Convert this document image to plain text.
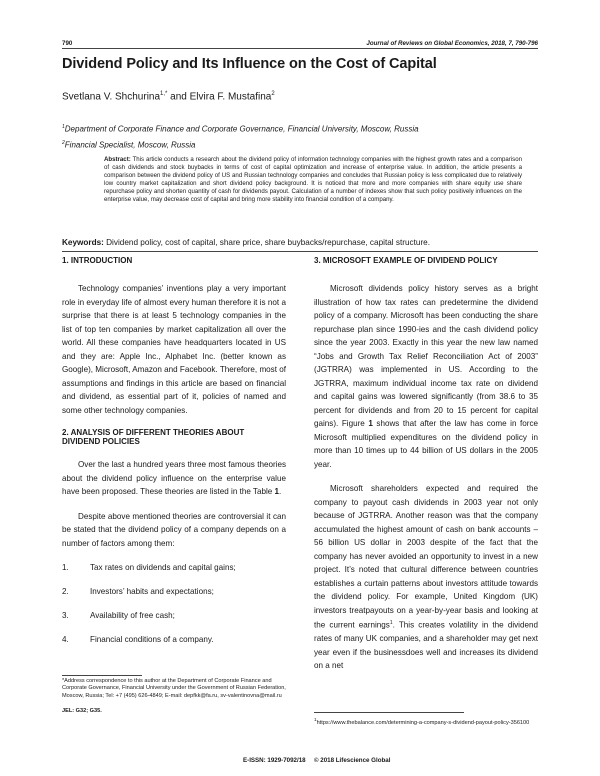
790	Journal of Reviews on Global Economics, 2018, 7, 790-796
Dividend Policy and Its Influence on the Cost of Capital
Svetlana V. Shchurina$^{1,*}$ and Elvira F. Mustafina$^2$
$^1$Department of Corporate Finance and Corporate Governance, Financial University, Moscow, Russia
$^2$Financial Specialist, Moscow, Russia
Abstract: This article conducts a research about the dividend policy of information technology companies with the highest growth rates and a comparison of cash dividends and stock buybacks in terms of cost of capital optimization and increase of enterprise value. In addition, the article presents a comparison between the dividend policy of US and Russian technology companies and concludes that Russian policy is less complicated due to relatively low country market capitalization and short dividend policy background. It is noticed that more and more companies with share equity use share repurchase policy and shorten quantity of cash for dividends payout. Calculation of a number of indexes show that such policy positively influences on the enterprise value, may decrease cost of capital and bring more stability into financial condition of a company.
Keywords: Dividend policy, cost of capital, share price, share buybacks/repurchase, capital structure.
1. INTRODUCTION

Technology companies’ inventions play a very important role in everyday life of almost every human therefore it is not a surprise that there is at least 5 technology companies in the list of top ten companies by market capitalization all over the world. All these companies have headquarters located in US and they are: Apple Inc., Alphabet Inc. (better known as Google), Microsoft, Amazon and Facebook. Therefore, most of assumptions and findings in this article are based on financial and dividend, as essential part of it, policies of named and some other technology companies.

2. ANALYSIS OF DIFFERENT THEORIES ABOUT
DIVIDEND POLICIES

Over the last a hundred years three most famous theories about the dividend policy influence on the enterprise value have been proposed. These theories are listed in the Table 1.

Despite above mentioned theories are controversial it can be stated that the dividend policy of a company depends on a number of factors among them:

1.	Tax rates on dividends and capital gains;
2.	Investors’ habits and expectations;
3.	Availability of free cash;
4.	Financial conditions of a company.
*Address correspondence to this author at the Department of Corporate Finance and Corporate Governance, Financial University under the Government of Russian Federation, Moscow, Russia; Tel: +7 (495) 626-4849; E-mail: depfkk@fa.ru, sv-valentinovna@mail.ru
JEL: G32; G35.
3. MICROSOFT EXAMPLE OF DIVIDEND POLICY

Microsoft dividends policy history serves as a bright illustration of how tax rates can predetermine the dividend policy of a company. Microsoft has been conducting the share repurchase plan since 1990-ies and the cash dividend policy since the year 2003. Exactly in this year the new law named “Jobs and Growth Tax Relief Reconciliation Act of 2003” (JGTRRA) was implemented in US. According to the JGTRRA, maximum individual income tax rate on dividend and capital gains was lowered significantly (from 38.6 to 35 percent for dividends and from 20 to 15 percent for capital gains). Figure 1 shows that after the law has come in force Microsoft multiplied expenditures on the dividend policy in more than 10 times up to 44 billion of US dollars in the 2005 year.

Microsoft shareholders expected and required the company to payout cash dividends in 2003 year not only because of JGTRRA. Another reason was that the company accumulated the highest amount of cash on bank accounts – 56 billion US dollar in 2003 despite of the fact that the company has never avoided an opportunity to invest in a new project. It’s noted that cultural difference between countries establishes a curtain patterns about investors attitude towards the dividend policy. For example, United Kingdom (UK) investors treatpayouts on a year-by-year basis and looking at the current earnings$^1$. This creates volatility in the dividend rates of many UK companies, and a shareholder may get next year even if the businessdoes well and increases its dividend on a net

$^1$https://www.thebalance.com/determining-a-company-s-dividend-payout-policy-356100
E-ISSN: 1929-7092/18 © 2018 Lifescience Global
